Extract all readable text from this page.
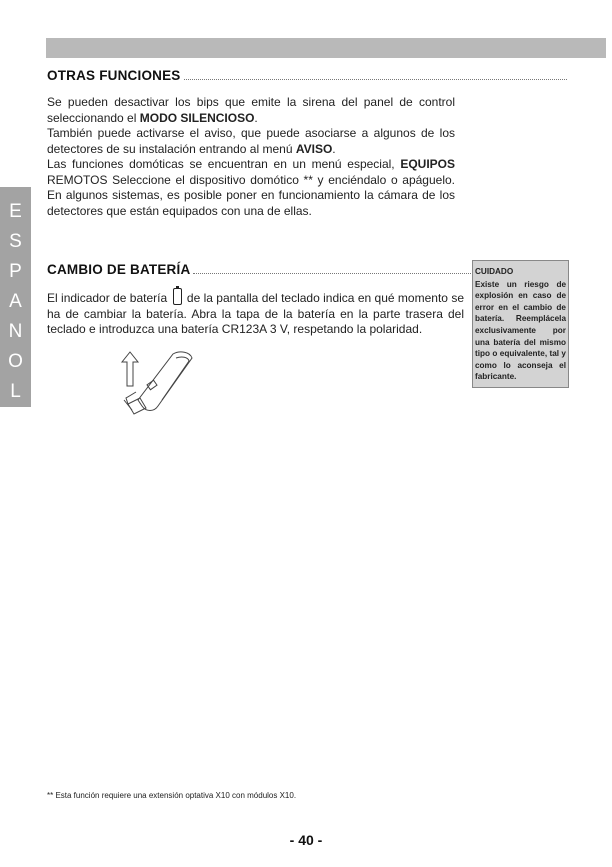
E
S
P
A
N
O
L
OTRAS FUNCIONES

Se pueden desactivar los bips que emite la sirena del panel de control seleccionando el MODO SILENCIOSO.

También puede activarse el aviso, que puede asociarse a algunos de los detectores de su instalación entrando al menú AVISO.

Las funciones domóticas se encuentran en un menú especial, EQUIPOS REMOTOS Seleccione el dispositivo domótico ** y enciéndalo o apáguelo. En algunos sistemas, es posible poner en funcionamiento la cámara de los detectores que están equipados con una de ellas.

CAMBIO DE BATERÍA

El indicador de batería  de la pantalla del teclado indica en qué momento se ha de cambiar la batería. Abra la tapa de la batería en la parte trasera del teclado e introduzca una batería CR123A 3 V, respetando la polaridad.

CUIDADO
Existe un riesgo de explosión en caso de error en el cambio de batería. Reemplácela exclusivamente por una batería del mismo tipo o equivalente, tal y como lo aconseja el fabricante.
** Esta función requiere una extensión optativa X10 con módulos X10.
- 40 -
